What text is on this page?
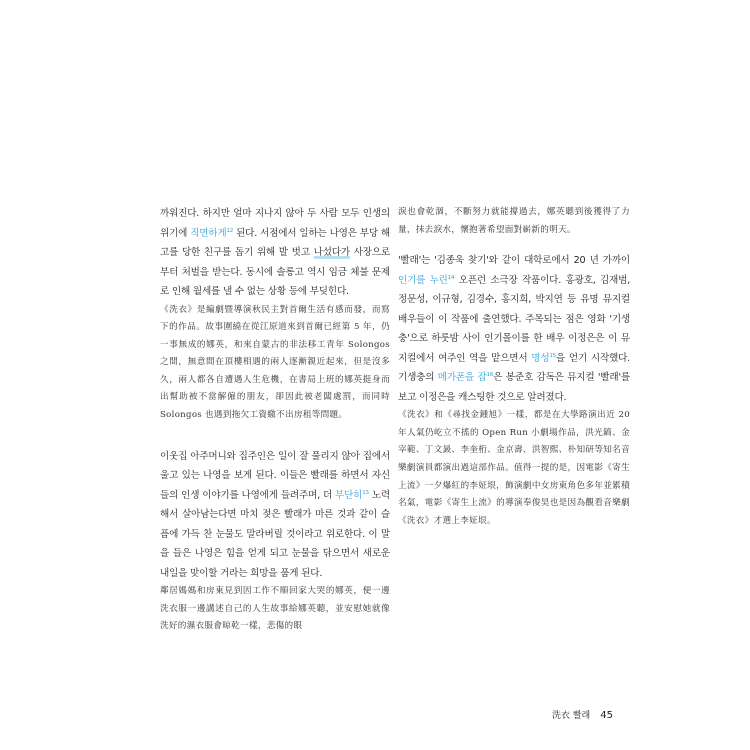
까워진다. 하지만 얼마 지나지 않아 두 사람 모두 인생의 위기에 직면하게$^{12}$ 된다. 서점에서 일하는 나영은 부당 해고를 당한 친구를 돕기 위해 발 벗고 나섰다가 사장으로부터 처벌을 받는다. 동시에 솔롱고 역시 임금 체불 문제로 인해 월세를 낼 수 없는 상황 등에 부딪힌다.

《洗衣》是編劇暨導演秋民主對首爾生活有感而發，而寫下的作品。故事圍繞在從江原道來到首爾已經第 5 年，仍一事無成的娜英，和來自蒙古的非法移工青年 Solongos 之間，無意間在頂樓相遇的兩人逐漸親近起來，但是沒多久，兩人都各自遭遇人生危機，在書局上班的娜英挺身而出幫助被不當解僱的朋友，卻因此被老闆處罰，而同時 Solongos 也遇到拖欠工資繳不出房租等問題。

이웃집 아주머니와 집주인은 일이 잘 풀리지 않아 집에서 울고 있는 나영을 보게 된다. 이들은 빨래를 하면서 자신들의 인생 이야기를 나영에게 들려주며, 더 부단히$^{13}$ 노력해서 살아남는다면 마치 젖은 빨래가 마른 것과 같이 슬픔에 가득 찬 눈물도 말라버릴 것이라고 위로한다. 이 말을 들은 나영은 힘을 얻게 되고 눈물을 닦으면서 새로운 내일을 맞이할 거라는 희망을 품게 된다.

鄰居媽媽和房東見到因工作不順回家大哭的娜英，便一邊洗衣服一邊講述自己的人生故事給娜英聽，並安慰她就像洗好的濕衣服會晾乾一樣，悲傷的眼

淚也會乾涸，不斷努力就能撐過去，娜英聽到後獲得了力量，抹去淚水，懷抱著希望面對嶄新的明天。

'빨래'는 '김종욱 찾기'와 같이 대학로에서 20 년 가까이 인기를 누린$^{14}$ 오픈런 소극장 작품이다. 홍광호, 김재범, 정문성, 이규형, 김경수, 홍지희, 박지연 등 유명 뮤지컬 배우들이 이 작품에 출연했다. 주목되는 점은 영화 '기생충'으로 하룻밤 사이 인기몰이를 한 배우 이정은은 이 뮤지컬에서 여주인 역을 맡으면서 명성$^{15}$을 얻기 시작했다. 기생충의 메가폰을 잡$^{16}$은 봉준호 감독은 뮤지컬 '빨래'를 보고 이정은을 캐스팅한 것으로 알려졌다.

《洗衣》和《尋找金鍾旭》一樣，都是在大學路演出近 20 年人氣仍屹立不搖的 Open Run 小劇場作品，洪光鎬、金宰範、丁文晸、李奎桁、金京壽、洪智熙、朴知研等知名音樂劇演員都演出過這部作品。值得一提的是，因電影《寄生上流》一夕爆紅的李姃垠，飾演劇中女房東角色多年並累積名氣，電影《寄生上流》的導演奉俊昊也是因為觀看音樂劇《洗衣》才選上李姃垠。

洗衣 빨래 45
